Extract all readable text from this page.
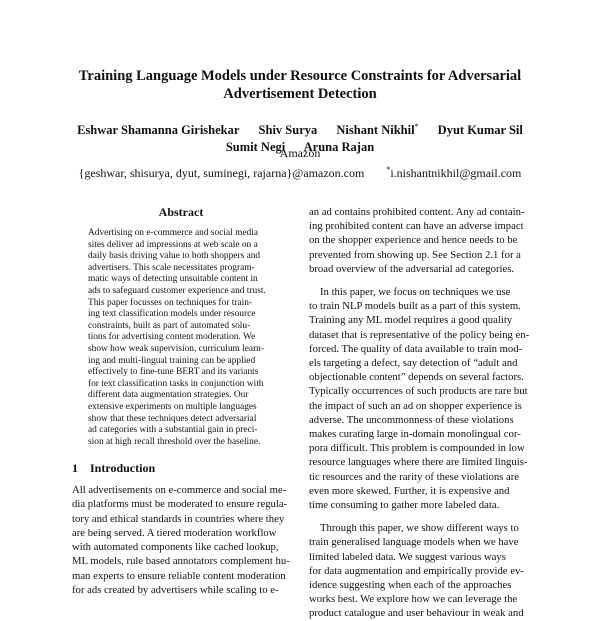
Training Language Models under Resource Constraints for Adversarial
Advertisement Detection
Eshwar Shamanna Girishekar Shiv Surya Nishant Nikhil* Dyut Kumar Sil
Sumit Negi Aruna Rajan
Amazon
{geshwar, shisurya, dyut, suminegi, rajarna}@amazon.com	*i.nishantnikhil@gmail.com
Abstract
Advertising on e-commerce and social media
sites deliver ad impressions at web scale on a
daily basis driving value to both shoppers and
advertisers. This scale necessitates program-
matic ways of detecting unsuitable content in
ads to safeguard customer experience and trust.
This paper focusses on techniques for train-
ing text classification models under resource
constraints, built as part of automated solu-
tions for advertising content moderation. We
show how weak supervision, curriculum learn-
ing and multi-lingual training can be applied
effectively to fine-tune BERT and its variants
for text classification tasks in conjunction with
different data augmentation strategies. Our
extensive experiments on multiple languages
show that these techniques detect adversarial
ad categories with a substantial gain in preci-
sion at high recall threshold over the baseline.
1 Introduction
All advertisements on e-commerce and social me-
dia platforms must be moderated to ensure regula-
tory and ethical standards in countries where they
are being served. A tiered moderation workflow
with automated components like cached lookup,
ML models, rule based annotators complement hu-
man experts to ensure reliable content moderation
for ads created by advertisers while scaling to e-
an ad contains prohibited content. Any ad contain-
ing prohibited content can have an adverse impact
on the shopper experience and hence needs to be
prevented from showing up. See Section 2.1 for a
broad overview of the adversarial ad categories.
In this paper, we focus on techniques we use
to train NLP models built as a part of this system.
Training any ML model requires a good quality
dataset that is representative of the policy being en-
forced. The quality of data available to train mod-
els targeting a defect, say detection of “adult and
objectionable content” depends on several factors.
Typically occurrences of such products are rare but
the impact of such an ad on shopper experience is
adverse. The uncommonness of these violations
makes curating large in-domain monolingual cor-
pora difficult. This problem is compounded in low
resource languages where there are limited linguis-
tic resources and the rarity of these violations are
even more skewed. Further, it is expensive and
time consuming to gather more labeled data.
Through this paper, we show different ways to
train generalised language models when we have
limited labeled data. We suggest various ways
for data augmentation and empirically provide ev-
idence suggesting when each of the approaches
works best. We explore how we can leverage the
product catalogue and user behaviour in weak and
